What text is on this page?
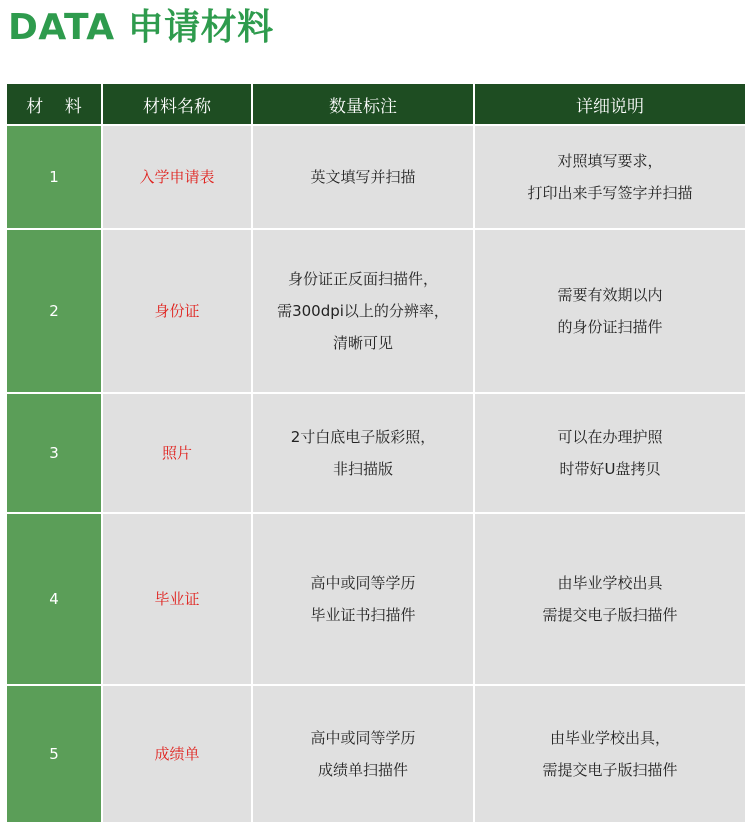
DATA 申请材料
材 料	材料名称	数量标注	详细说明
1	入学申请表	英文填写并扫描	对照填写要求，
打印出来手写签字并扫描

2	身份证	身份证正反面扫描件，
需300dpi以上的分辨率，
清晰可见	需要有效期以内
的身份证扫描件

3	照片	2寸白底电子版彩照，
非扫描版	可以在办理护照
时带好U盘拷贝

4	毕业证	高中或同等学历
毕业证书扫描件	由毕业学校出具
需提交电子版扫描件

5	成绩单	高中或同等学历
成绩单扫描件	由毕业学校出具，
需提交电子版扫描件
